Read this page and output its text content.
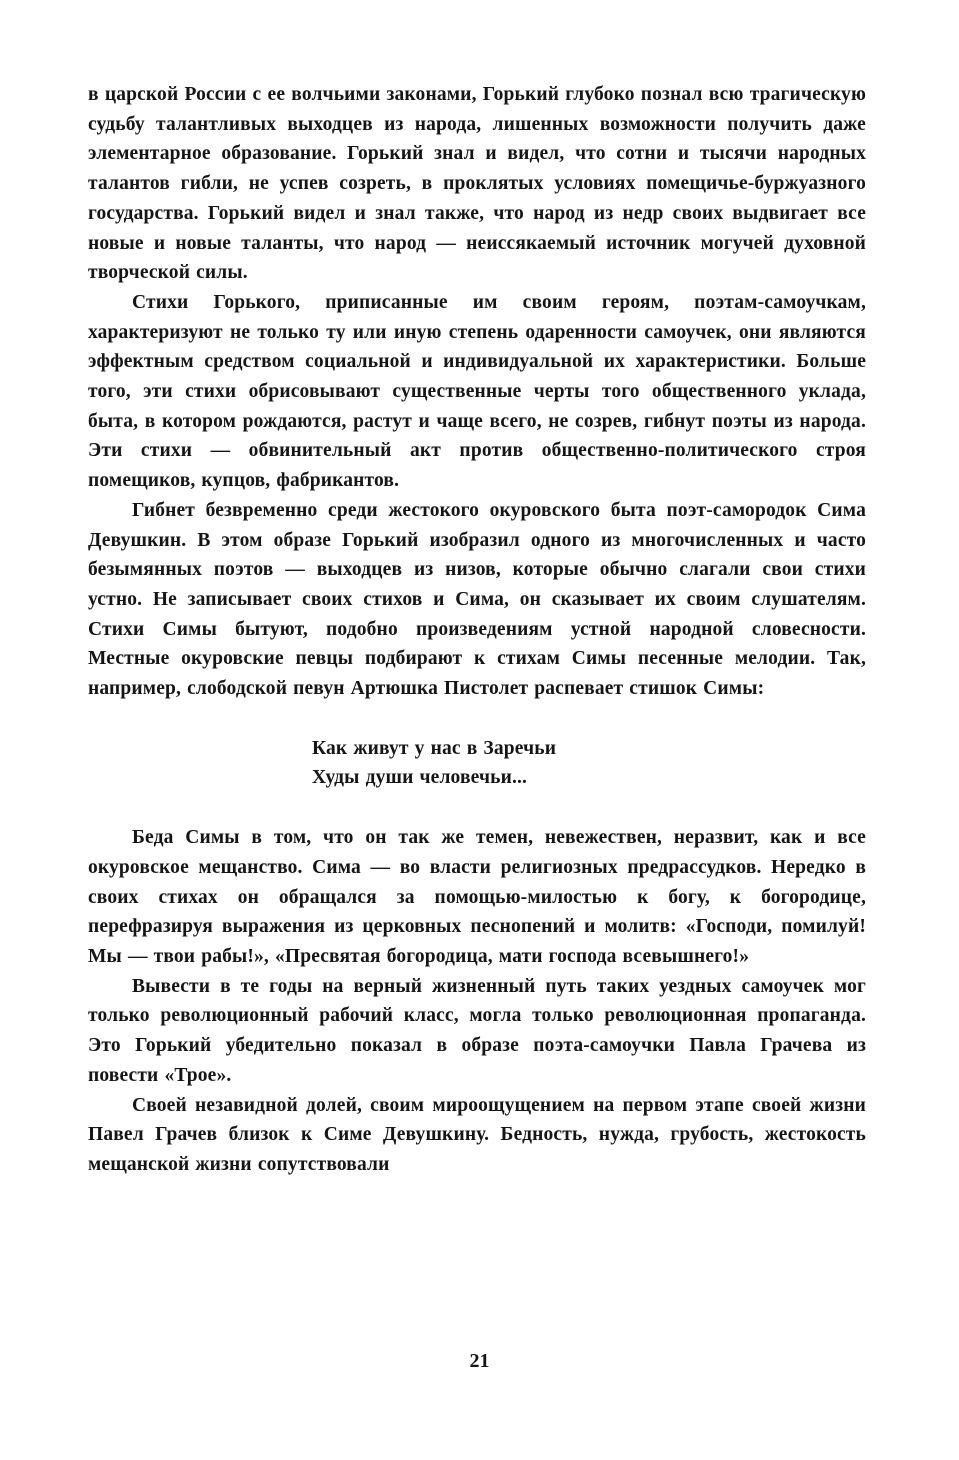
в царской России с ее волчьими законами, Горький глубоко познал всю трагическую судьбу талантливых выходцев из народа, лишенных возможности получить даже элементарное образование. Горький знал и видел, что сотни и тысячи народных талантов гибли, не успев созреть, в проклятых условиях помещичье-буржуазного государства. Горький видел и знал также, что народ из недр своих выдвигает все новые и новые таланты, что народ — неиссякаемый источник могучей духовной творческой силы.

Стихи Горького, приписанные им своим героям, поэтам-самоучкам, характеризуют не только ту или иную степень одаренности самоучек, они являются эффектным средством социальной и индивидуальной их характеристики. Больше того, эти стихи обрисовывают существенные черты того общественного уклада, быта, в котором рождаются, растут и чаще всего, не созрев, гибнут поэты из народа. Эти стихи — обвинительный акт против общественно-политического строя помещиков, купцов, фабрикантов.

Гибнет безвременно среди жестокого окуровского быта поэт-самородок Сима Девушкин. В этом образе Горький изобразил одного из многочисленных и часто безымянных поэтов — выходцев из низов, которые обычно слагали свои стихи устно. Не записывает своих стихов и Сима, он сказывает их своим слушателям. Стихи Симы бытуют, подобно произведениям устной народной словесности. Местные окуровские певцы подбирают к стихам Симы песенные мелодии. Так, например, слободской певун Артюшка Пистолет распевает стишок Симы:

Как живут у нас в Заречьи
Худы души человечьи...

Беда Симы в том, что он так же темен, невежествен, неразвит, как и все окуровское мещанство. Сима — во власти религиозных предрассудков. Нередко в своих стихах он обращался за помощью-милостью к богу, к богородице, перефразируя выражения из церковных песнопений и молитв: «Господи, помилуй! Мы — твои рабы!», «Пресвятая богородица, мати господа всевышнего!»

Вывести в те годы на верный жизненный путь таких уездных самоучек мог только революционный рабочий класс, могла только революционная пропаганда. Это Горький убедительно показал в образе поэта-самоучки Павла Грачева из повести «Трое».

Своей незавидной долей, своим мироощущением на первом этапе своей жизни Павел Грачев близок к Симе Девушкину. Бедность, нужда, грубость, жестокость мещанской жизни сопутствовали

21
